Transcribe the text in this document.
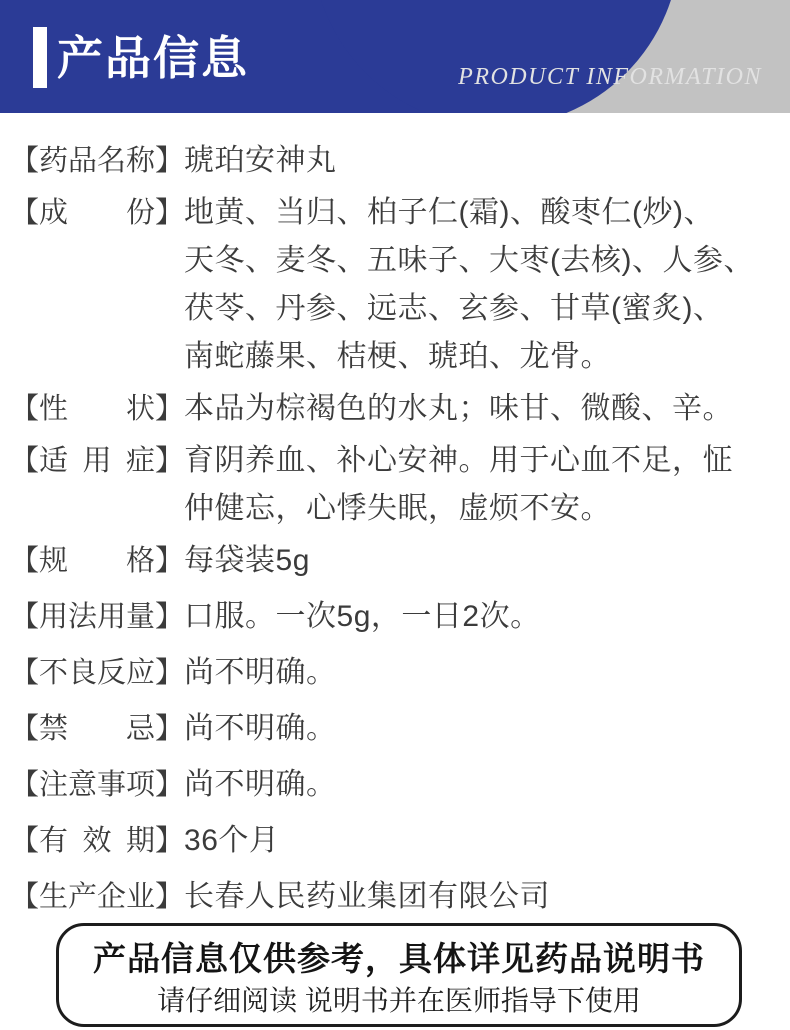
产品信息	PRODUCT INFORMATION
【药品名称】 琥珀安神丸
【成　　份】 地黄、当归、柏子仁(霜)、酸枣仁(炒)、
天冬、麦冬、五味子、大枣(去核)、人参、
茯苓、丹参、远志、玄参、甘草(蜜炙)、
南蛇藤果、桔梗、琥珀、龙骨。
【性　　状】 本品为棕褐色的水丸；味甘、微酸、辛。
【适 用 症】 育阴养血、补心安神。用于心血不足，怔
仲健忘，心悸失眠，虚烦不安。
【规　　格】 每袋装5g
【用法用量】 口服。一次5g，一日2次。
【不良反应】 尚不明确。
【禁　　忌】 尚不明确。
【注意事项】 尚不明确。
【有 效 期】 36个月
【生产企业】 长春人民药业集团有限公司
产品信息仅供参考，具体详见药品说明书
请仔细阅读 说明书并在医师指导下使用
